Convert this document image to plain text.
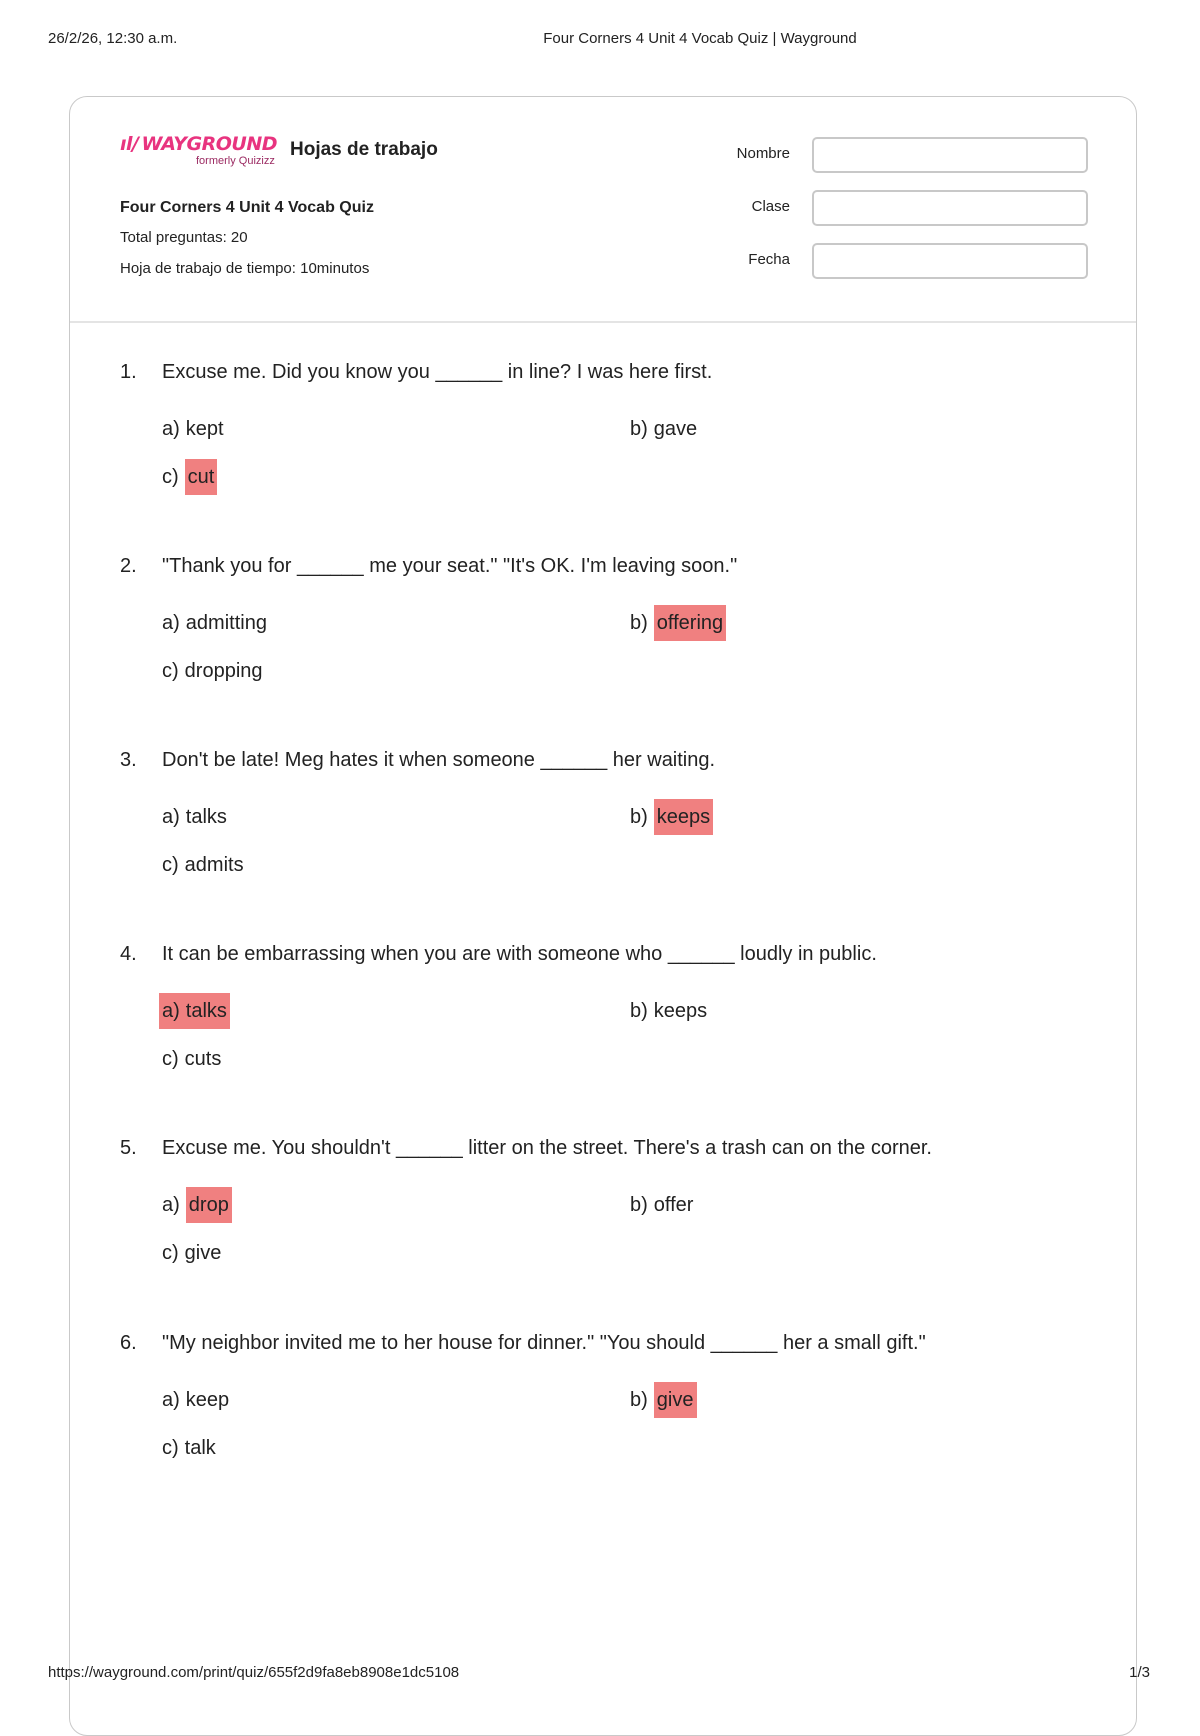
26/2/26, 12:30 a.m.	Four Corners 4 Unit 4 Vocab Quiz | Wayground
ıl/ WAYGROUND
formerly Quizizz
Hojas de trabajo
Four Corners 4 Unit 4 Vocab Quiz
Total preguntas: 20
Hoja de trabajo de tiempo: 10minutos
Nombre
Clase
Fecha
1. Excuse me. Did you know you ______ in line? I was here first.
a) kept	b) gave
c) cut
2. "Thank you for ______ me your seat." "It's OK. I'm leaving soon."
a) admitting	b) offering
c) dropping
3. Don't be late! Meg hates it when someone ______ her waiting.
a) talks	b) keeps
c) admits
4. It can be embarrassing when you are with someone who ______ loudly in public.
a) talks	b) keeps
c) cuts
5. Excuse me. You shouldn't ______ litter on the street. There's a trash can on the corner.
a) drop	b) offer
c) give
6. "My neighbor invited me to her house for dinner." "You should ______ her a small gift."
a) keep	b) give
c) talk
https://wayground.com/print/quiz/655f2d9fa8eb8908e1dc5108	1/3
